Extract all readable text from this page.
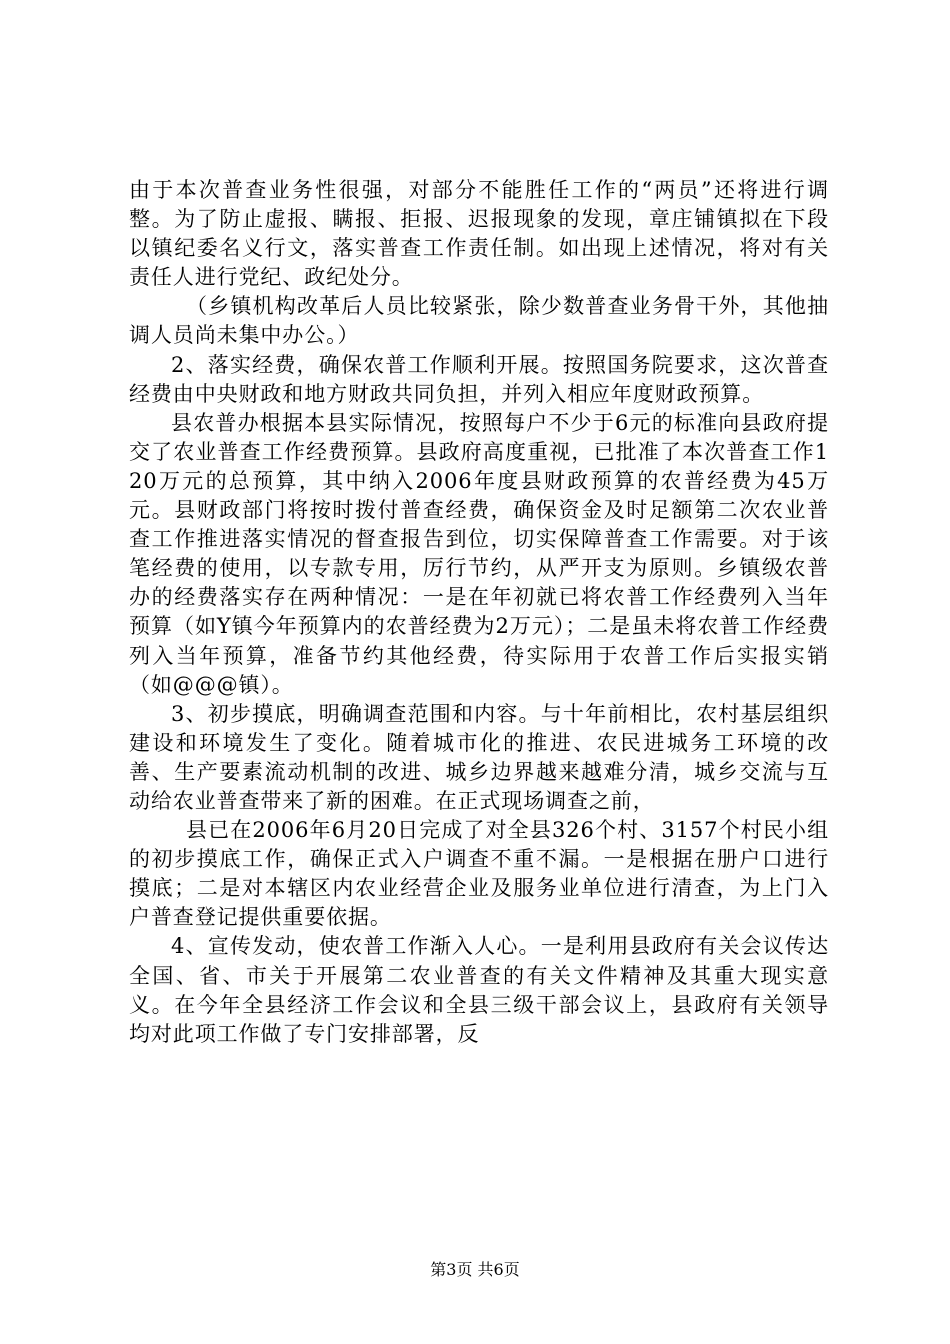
由于本次普查业务性很强，对部分不能胜任工作的“两员”还将进行调整。为了防止虚报、瞒报、拒报、迟报现象的发现，章庄铺镇拟在下段以镇纪委名义行文，落实普查工作责任制。如出现上述情况，将对有关责任人进行党纪、政纪处分。

（乡镇机构改革后人员比较紧张，除少数普查业务骨干外，其他抽调人员尚未集中办公。）

2、落实经费，确保农普工作顺利开展。按照国务院要求，这次普查经费由中央财政和地方财政共同负担，并列入相应年度财政预算。

县农普办根据本县实际情况，按照每户不少于6元的标准向县政府提交了农业普查工作经费预算。县政府高度重视，已批准了本次普查工作120万元的总预算，其中纳入2006年度县财政预算的农普经费为45万元。县财政部门将按时拨付普查经费，确保资金及时足额第二次农业普查工作推进落实情况的督查报告到位，切实保障普查工作需要。对于该笔经费的使用，以专款专用，厉行节约，从严开支为原则。乡镇级农普办的经费落实存在两种情况：一是在年初就已将农普工作经费列入当年预算（如Y镇今年预算内的农普经费为2万元）；二是虽未将农普工作经费列入当年预算，准备节约其他经费，待实际用于农普工作后实报实销（如@@@镇）。

3、初步摸底，明确调查范围和内容。与十年前相比，农村基层组织建设和环境发生了变化。随着城市化的推进、农民进城务工环境的改善、生产要素流动机制的改进、城乡边界越来越难分清，城乡交流与互动给农业普查带来了新的困难。在正式现场调查之前，

县已在2006年6月20日完成了对全县326个村、3157个村民小组的初步摸底工作，确保正式入户调查不重不漏。一是根据在册户口进行摸底；二是对本辖区内农业经营企业及服务业单位进行清查，为上门入户普查登记提供重要依据。

4、宣传发动，使农普工作渐入人心。一是利用县政府有关会议传达全国、省、市关于开展第二农业普查的有关文件精神及其重大现实意义。在今年全县经济工作会议和全县三级干部会议上，县政府有关领导均对此项工作做了专门安排部署，反

第3页 共6页
